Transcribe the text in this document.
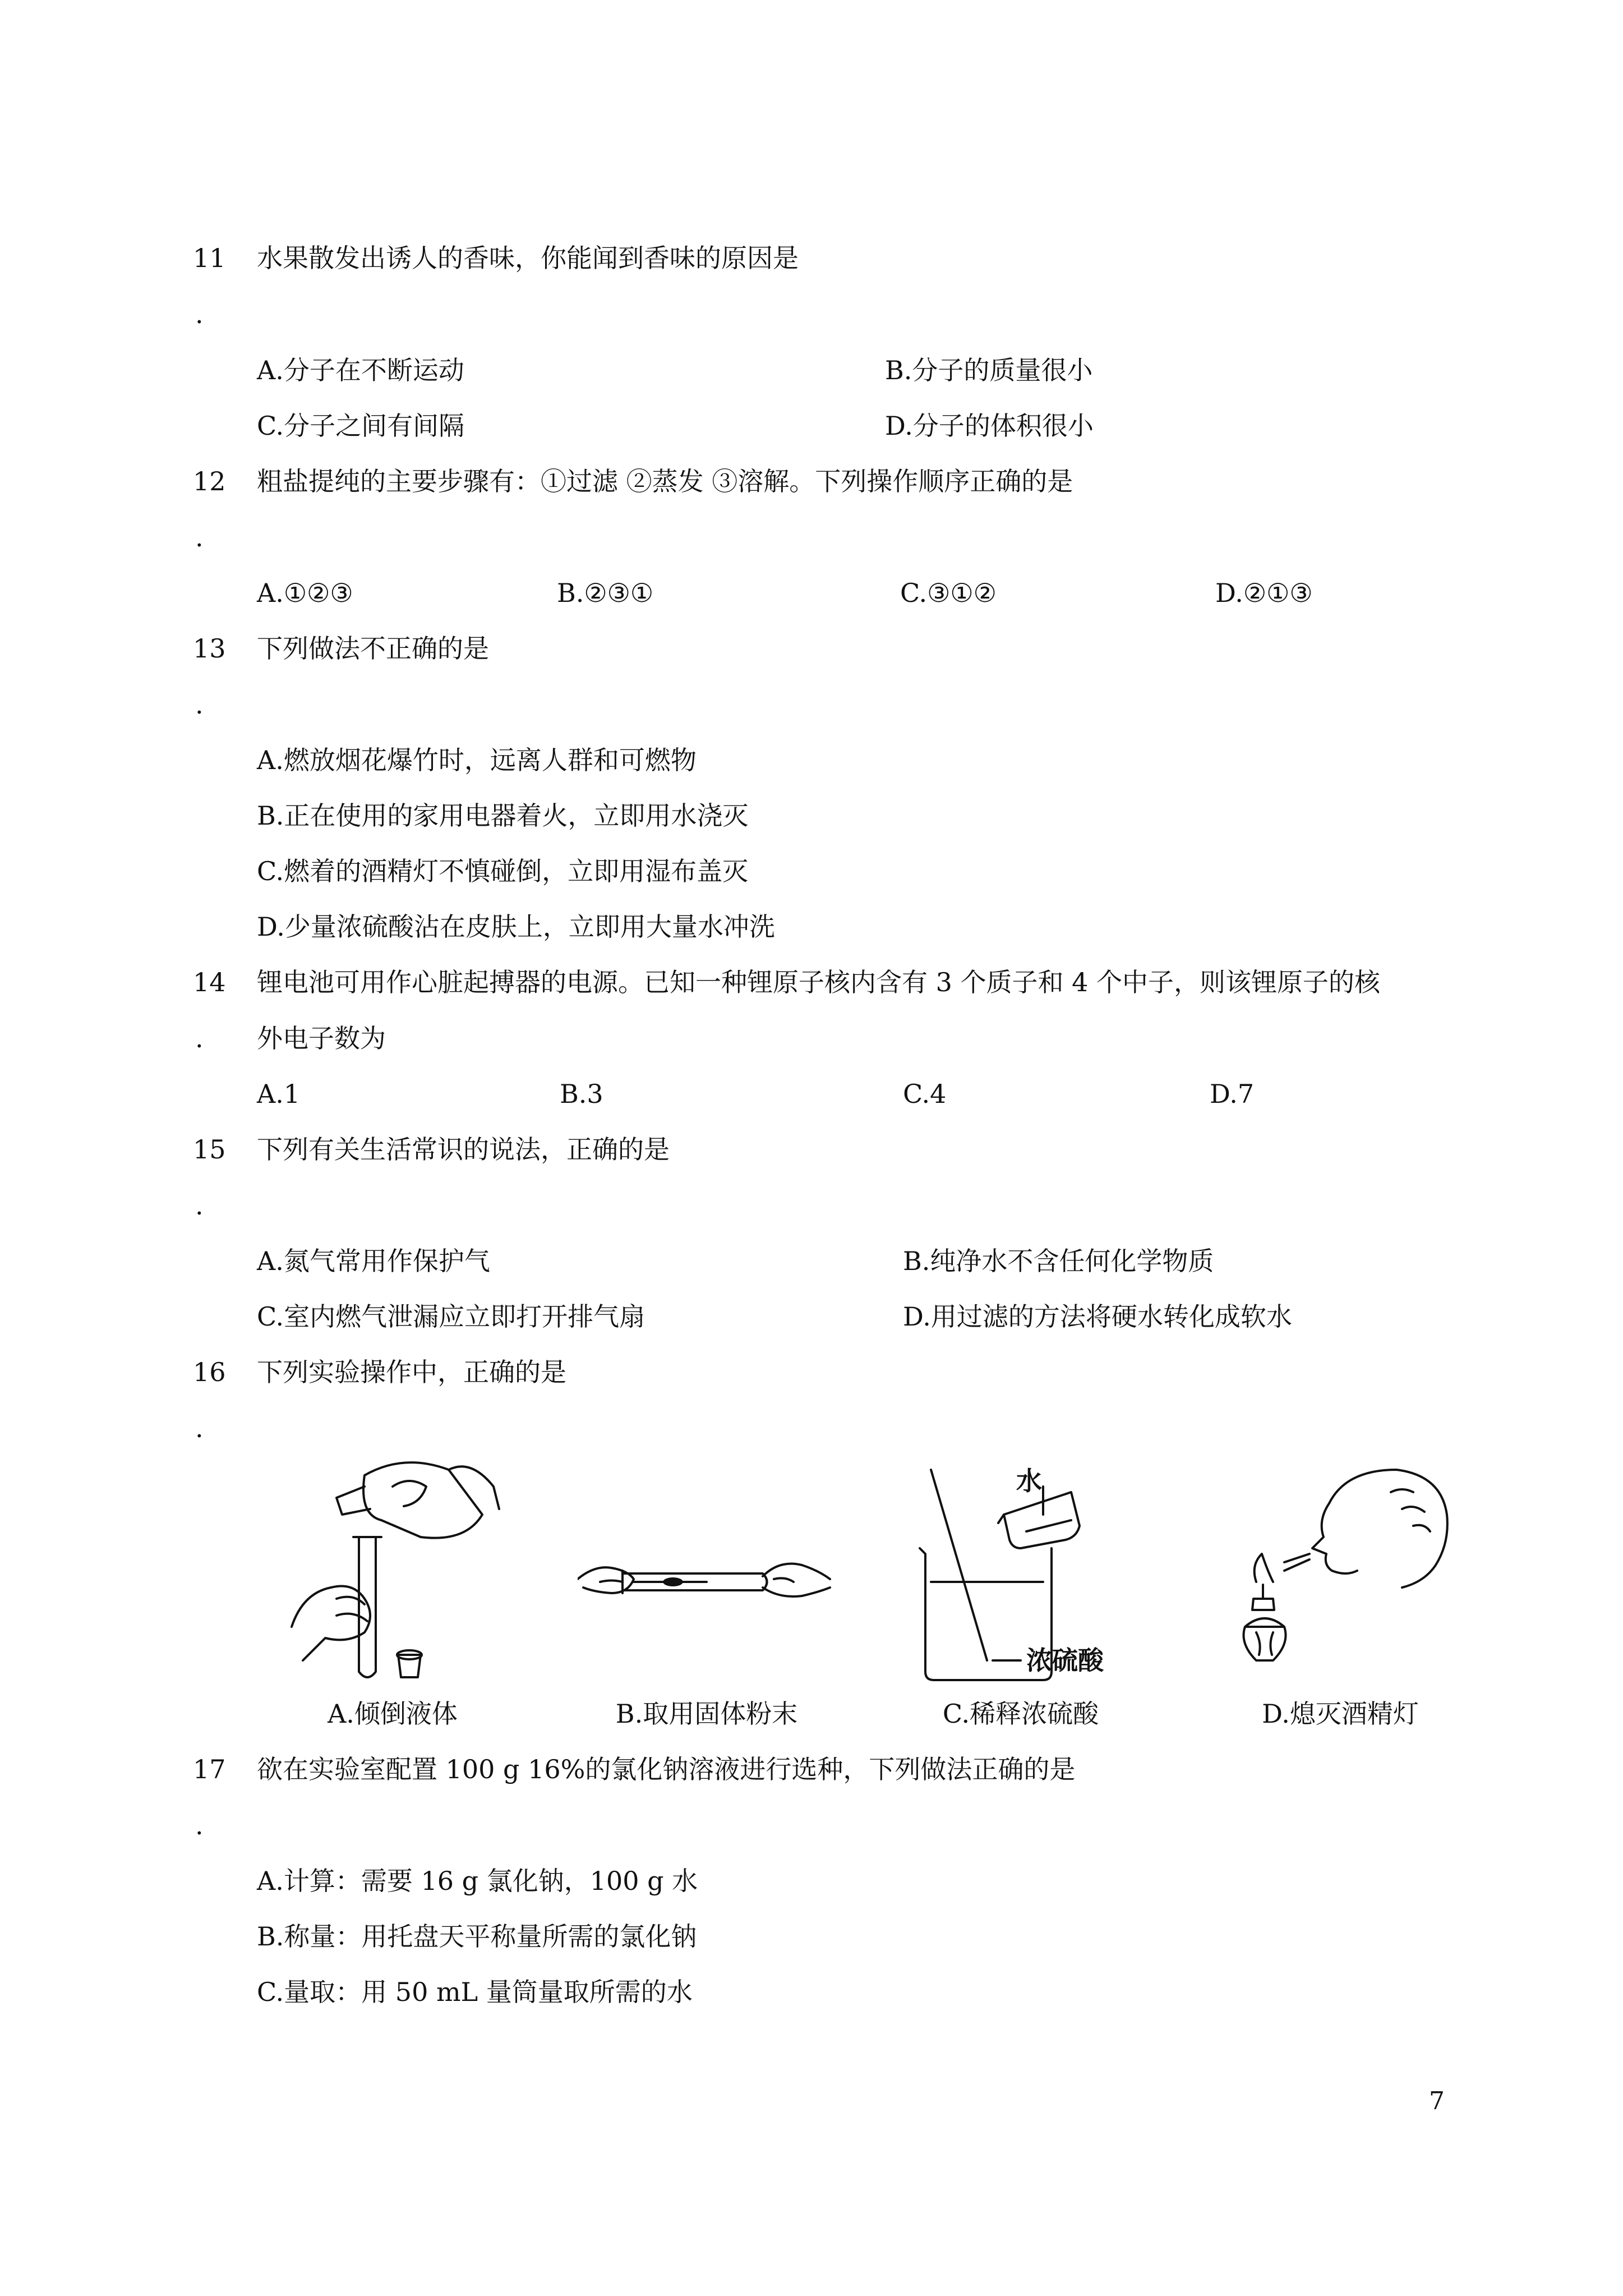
11 水果散发出诱人的香味，你能闻到香味的原因是
.
A.分子在不断运动	B.分子的质量很小
C.分子之间有间隔	D.分子的体积很小
12 粗盐提纯的主要步骤有：①过滤 ②蒸发 ③溶解。下列操作顺序正确的是
.
A.①②③	B.②③①	C.③①②	D.②①③
13 下列做法不正确的是
.
A.燃放烟花爆竹时，远离人群和可燃物
B.正在使用的家用电器着火，立即用水浇灭
C.燃着的酒精灯不慎碰倒，立即用湿布盖灭
D.少量浓硫酸沾在皮肤上，立即用大量水冲洗
14 锂电池可用作心脏起搏器的电源。已知一种锂原子核内含有 3 个质子和 4 个中子，则该锂原子的核
. 外电子数为
A.1	B.3	C.4	D.7
15 下列有关生活常识的说法，正确的是
.
A.氮气常用作保护气	B.纯净水不含任何化学物质
C.室内燃气泄漏应立即打开排气扇	D.用过滤的方法将硬水转化成软水
16 下列实验操作中，正确的是
.
水
浓硫酸
A.倾倒液体	B.取用固体粉末	C.稀释浓硫酸	D.熄灭酒精灯
17 欲在实验室配置 100 g 16%的氯化钠溶液进行选种，下列做法正确的是
.
A.计算：需要 16 g 氯化钠，100 g 水
B.称量：用托盘天平称量所需的氯化钠
C.量取：用 50 mL 量筒量取所需的水
7
